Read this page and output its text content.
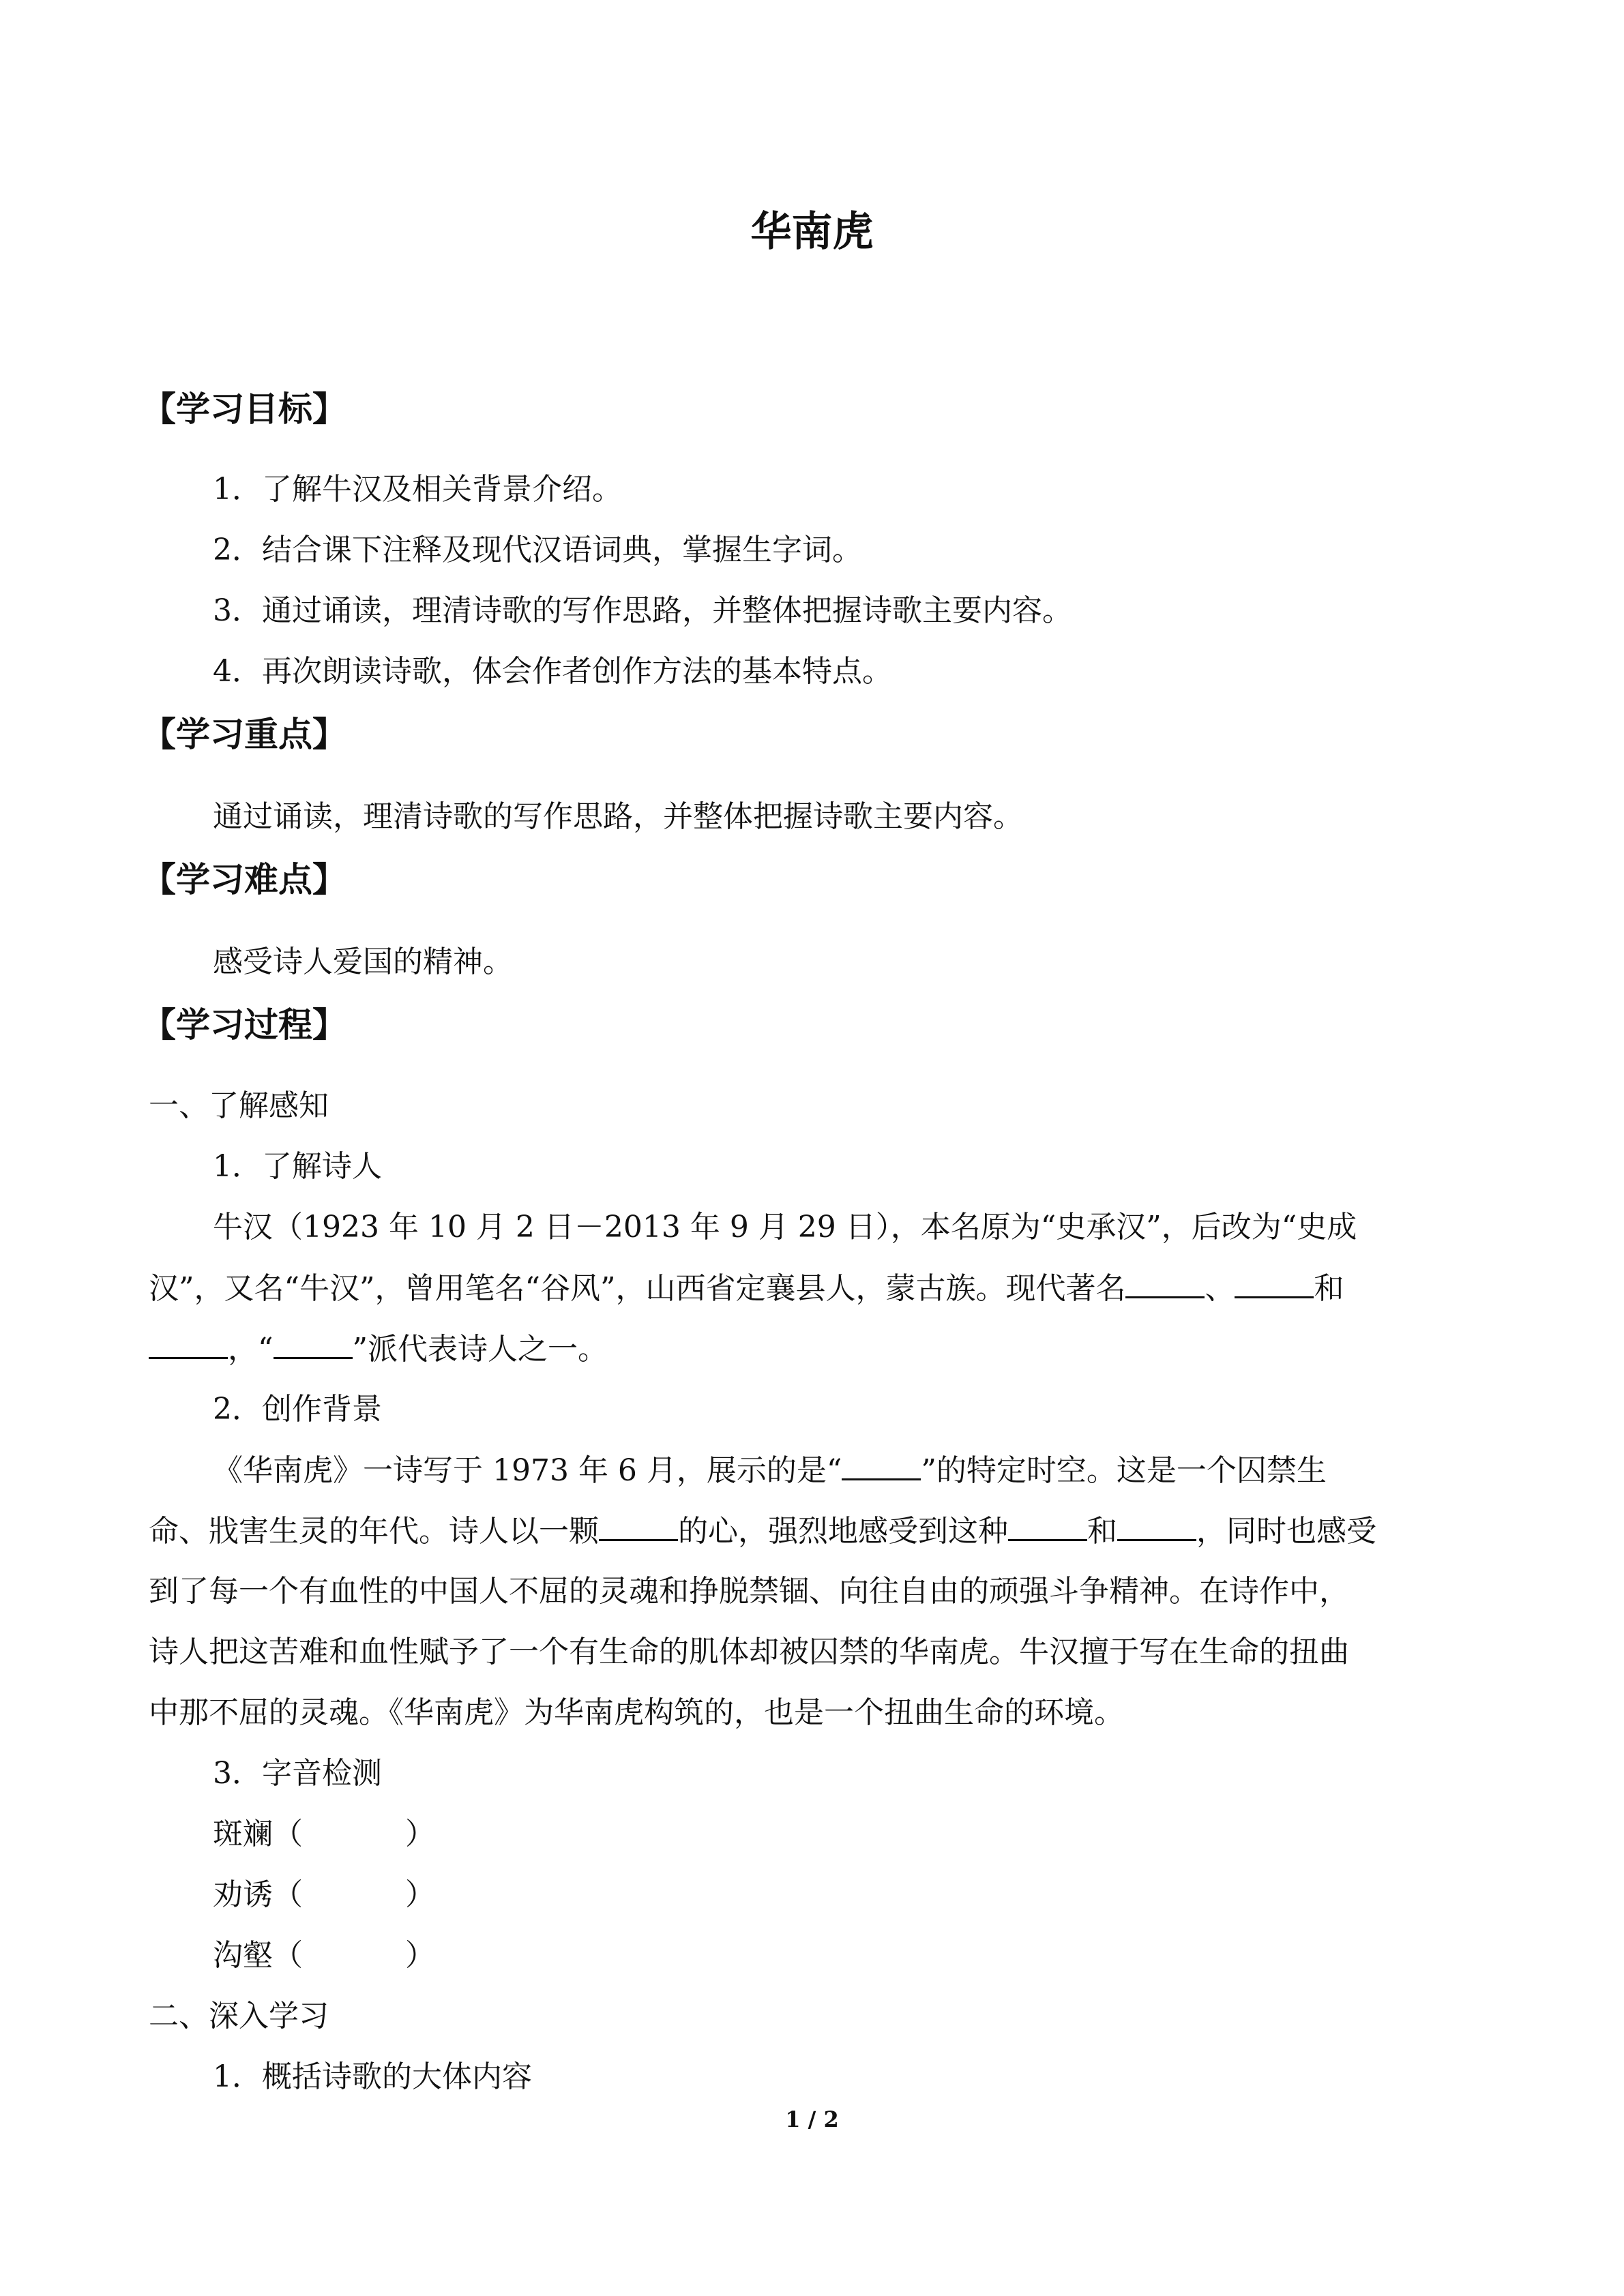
华南虎
【学习目标】
1．了解牛汉及相关背景介绍。
2．结合课下注释及现代汉语词典，掌握生字词。
3．通过诵读，理清诗歌的写作思路，并整体把握诗歌主要内容。
4．再次朗读诗歌，体会作者创作方法的基本特点。
【学习重点】
通过诵读，理清诗歌的写作思路，并整体把握诗歌主要内容。
【学习难点】
感受诗人爱国的精神。
【学习过程】
一、了解感知
1．了解诗人
牛汉（1923 年 10 月 2 日－2013 年 9 月 29 日），本名原为“史承汉”，后改为“史成
汉”，又名“牛汉”，曾用笔名“谷风”，山西省定襄县人，蒙古族。现代著名	、	和
，“	”派代表诗人之一。
2．创作背景
《华南虎》一诗写于 1973 年 6 月，展示的是“	”的特定时空。这是一个囚禁生
命、戕害生灵的年代。诗人以一颗	的心，强烈地感受到这种	和	，同时也感受
到了每一个有血性的中国人不屈的灵魂和挣脱禁锢、向往自由的顽强斗争精神。在诗作中，
诗人把这苦难和血性赋予了一个有生命的肌体却被囚禁的华南虎。牛汉擅于写在生命的扭曲
中那不屈的灵魂。《华南虎》为华南虎构筑的，也是一个扭曲生命的环境。
3．字音检测
斑斓（	）
劝诱（	）
沟壑（	）
二、深入学习
1．概括诗歌的大体内容
1 / 2
